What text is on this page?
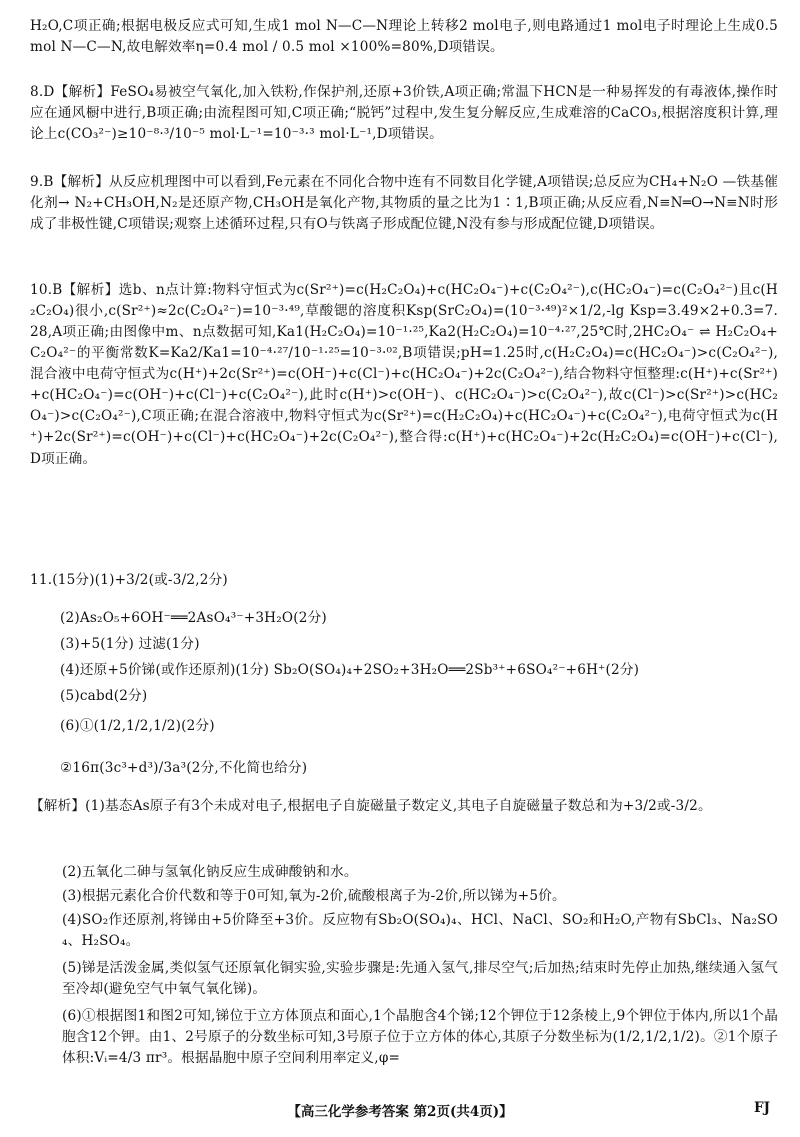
H₂O,C项正确;根据电极反应式可知,生成1 mol N—C—N理论上转移2 mol电子,则电路通过1 mol电子时理论上生成0.5 mol N—C—N,故电解效率η=0.4 mol / 0.5 mol ×100%=80%,D项错误。

8.D【解析】FeSO₄易被空气氧化,加入铁粉,作保护剂,还原+3价铁,A项正确;常温下HCN是一种易挥发的有毒液体,操作时应在通风橱中进行,B项正确;由流程图可知,C项正确;“脱钙”过程中,发生复分解反应,生成难溶的CaCO₃,根据溶度积计算,理论上c(CO₃²⁻)≥10⁻⁸·³/10⁻⁵ mol·L⁻¹=10⁻³·³ mol·L⁻¹,D项错误。

9.B【解析】从反应机理图中可以看到,Fe元素在不同化合物中连有不同数目化学键,A项错误;总反应为CH₄+N₂O —铁基催化剂→ N₂+CH₃OH,N₂是还原产物,CH₃OH是氧化产物,其物质的量之比为1∶1,B项正确;从反应看,N≡N═O→N≡N时形成了非极性键,C项错误;观察上述循环过程,只有O与铁离子形成配位键,N没有参与形成配位键,D项错误。

10.B【解析】选b、n点计算:物料守恒式为c(Sr²⁺)=c(H₂C₂O₄)+c(HC₂O₄⁻)+c(C₂O₄²⁻),c(HC₂O₄⁻)=c(C₂O₄²⁻)且c(H₂C₂O₄)很小,c(Sr²⁺)≈2c(C₂O₄²⁻)=10⁻³·⁴⁹,草酸锶的溶度积Ksp(SrC₂O₄)=(10⁻³·⁴⁹)²×1/2,-lg Ksp=3.49×2+0.3=7.28,A项正确;由图像中m、n点数据可知,Ka1(H₂C₂O₄)=10⁻¹·²⁵,Ka2(H₂C₂O₄)=10⁻⁴·²⁷,25℃时,2HC₂O₄⁻ ⇌ H₂C₂O₄+C₂O₄²⁻的平衡常数K=Ka2/Ka1=10⁻⁴·²⁷/10⁻¹·²⁵=10⁻³·⁰²,B项错误;pH=1.25时,c(H₂C₂O₄)=c(HC₂O₄⁻)>c(C₂O₄²⁻),混合液中电荷守恒式为c(H⁺)+2c(Sr²⁺)=c(OH⁻)+c(Cl⁻)+c(HC₂O₄⁻)+2c(C₂O₄²⁻),结合物料守恒整理:c(H⁺)+c(Sr²⁺)+c(HC₂O₄⁻)=c(OH⁻)+c(Cl⁻)+c(C₂O₄²⁻),此时c(H⁺)>c(OH⁻)、c(HC₂O₄⁻)>c(C₂O₄²⁻),故c(Cl⁻)>c(Sr²⁺)>c(HC₂O₄⁻)>c(C₂O₄²⁻),C项正确;在混合溶液中,物料守恒式为c(Sr²⁺)=c(H₂C₂O₄)+c(HC₂O₄⁻)+c(C₂O₄²⁻),电荷守恒式为c(H⁺)+2c(Sr²⁺)=c(OH⁻)+c(Cl⁻)+c(HC₂O₄⁻)+2c(C₂O₄²⁻),整合得:c(H⁺)+c(HC₂O₄⁻)+2c(H₂C₂O₄)=c(OH⁻)+c(Cl⁻),D项正确。

11.(15分)(1)+3/2(或-3/2,2分)

(2)As₂O₅+6OH⁻══2AsO₄³⁻+3H₂O(2分)

(3)+5(1分) 过滤(1分)

(4)还原+5价锑(或作还原剂)(1分) Sb₂O(SO₄)₄+2SO₂+3H₂O══2Sb³⁺+6SO₄²⁻+6H⁺(2分)

(5)cabd(2分)

(6)①(1/2,1/2,1/2)(2分)

②16π(3c³+d³)/3a³(2分,不化简也给分)

【解析】(1)基态As原子有3个未成对电子,根据电子自旋磁量子数定义,其电子自旋磁量子数总和为+3/2或-3/2。

(2)五氧化二砷与氢氧化钠反应生成砷酸钠和水。

(3)根据元素化合价代数和等于0可知,氧为-2价,硫酸根离子为-2价,所以锑为+5价。

(4)SO₂作还原剂,将锑由+5价降至+3价。反应物有Sb₂O(SO₄)₄、HCl、NaCl、SO₂和H₂O,产物有SbCl₃、Na₂SO₄、H₂SO₄。

(5)锑是活泼金属,类似氢气还原氧化铜实验,实验步骤是:先通入氢气,排尽空气;后加热;结束时先停止加热,继续通入氢气至冷却(避免空气中氧气氧化锑)。

(6)①根据图1和图2可知,锑位于立方体顶点和面心,1个晶胞含4个锑;12个钾位于12条棱上,9个钾位于体内,所以1个晶胞含12个钾。由1、2号原子的分数坐标可知,3号原子位于立方体的体心,其原子分数坐标为(1/2,1/2,1/2)。②1个原子体积:Vᵢ=4/3 πr³。根据晶胞中原子空间利用率定义,φ=

【高三化学参考答案 第2页(共4页)】	FJ
